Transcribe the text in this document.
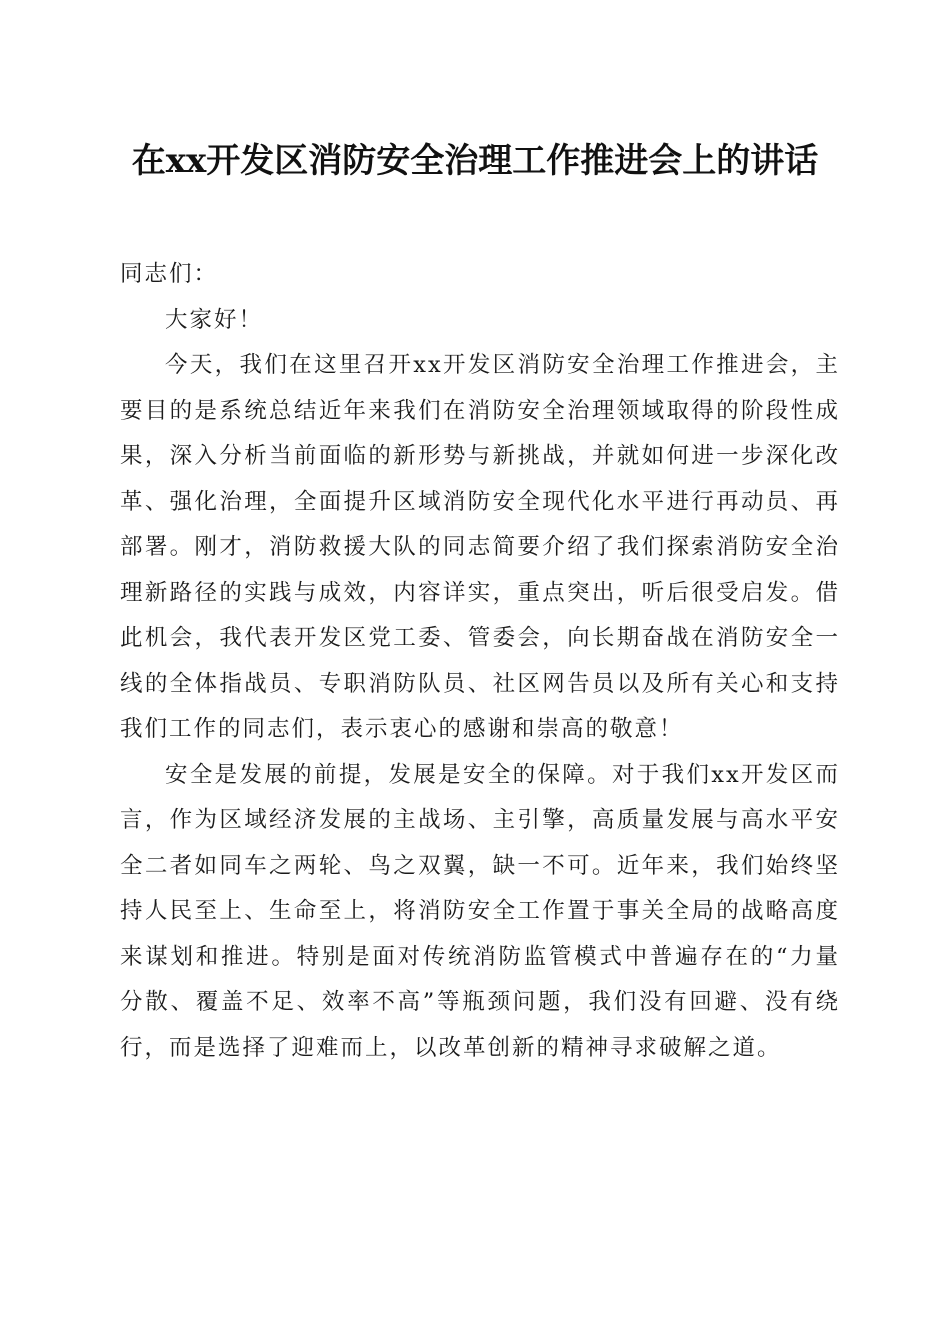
在xx开发区消防安全治理工作推进会上的讲话

同志们：

大家好！

今天，我们在这里召开xx开发区消防安全治理工作推进会，主要目的是系统总结近年来我们在消防安全治理领域取得的阶段性成果，深入分析当前面临的新形势与新挑战，并就如何进一步深化改革、强化治理，全面提升区域消防安全现代化水平进行再动员、再部署。刚才，消防救援大队的同志简要介绍了我们探索消防安全治理新路径的实践与成效，内容详实，重点突出，听后很受启发。借此机会，我代表开发区党工委、管委会，向长期奋战在消防安全一线的全体指战员、专职消防队员、社区网告员以及所有关心和支持我们工作的同志们，表示衷心的感谢和崇高的敬意！

安全是发展的前提，发展是安全的保障。对于我们xx开发区而言，作为区域经济发展的主战场、主引擎，高质量发展与高水平安全二者如同车之两轮、鸟之双翼，缺一不可。近年来，我们始终坚持人民至上、生命至上，将消防安全工作置于事关全局的战略高度来谋划和推进。特别是面对传统消防监管模式中普遍存在的“力量分散、覆盖不足、效率不高”等瓶颈问题，我们没有回避、没有绕行，而是选择了迎难而上，以改革创新的精神寻求破解之道。
